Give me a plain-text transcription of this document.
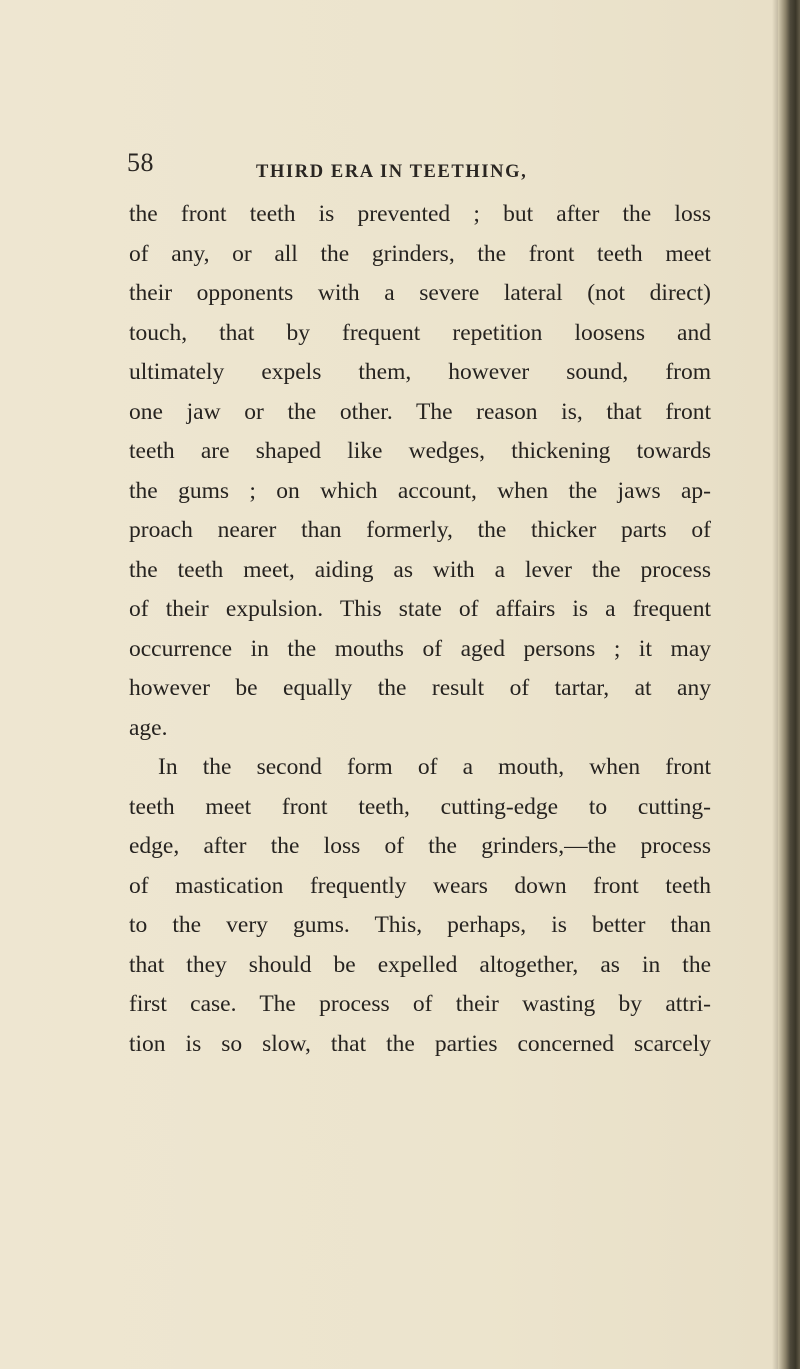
58	THIRD ERA IN TEETHING,
the front teeth is prevented ; but after the loss
of any, or all the grinders, the front teeth meet
their opponents with a severe lateral (not direct)
touch, that by frequent repetition loosens and
ultimately expels them, however sound, from
one jaw or the other. The reason is, that front
teeth are shaped like wedges, thickening towards
the gums ; on which account, when the jaws ap-
proach nearer than formerly, the thicker parts of
the teeth meet, aiding as with a lever the process
of their expulsion. This state of affairs is a frequent
occurrence in the mouths of aged persons ; it may
however be equally the result of tartar, at any
age.
In the second form of a mouth, when front
teeth meet front teeth, cutting-edge to cutting-
edge, after the loss of the grinders,—the process
of mastication frequently wears down front teeth
to the very gums. This, perhaps, is better than
that they should be expelled altogether, as in the
first case. The process of their wasting by attri-
tion is so slow, that the parties concerned scarcely
